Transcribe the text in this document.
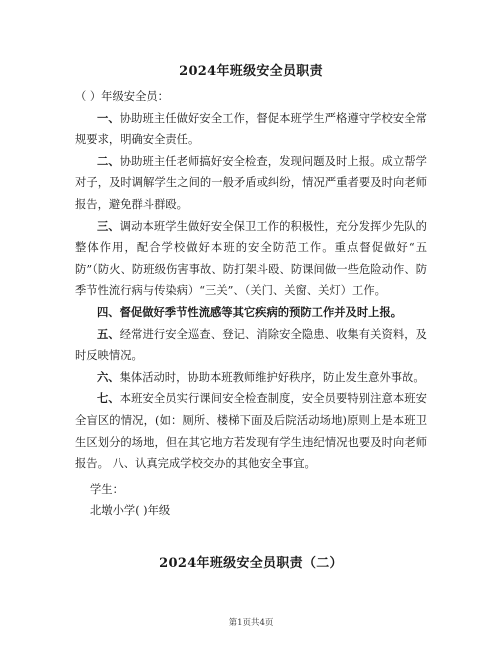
2024年班级安全员职责

（ ）年级安全员：

一、协助班主任做好安全工作，督促本班学生严格遵守学校安全常规要求，明确安全责任。

二、协助班主任老师搞好安全检查，发现问题及时上报。成立帮学对子，及时调解学生之间的一般矛盾或纠纷，情况严重者要及时向老师报告，避免群斗群殴。

三、调动本班学生做好安全保卫工作的积极性，充分发挥少先队的整体作用，配合学校做好本班的安全防范工作。重点督促做好“五防”（防火、防班级伤害事故、防打架斗殴、防课间做一些危险动作、防季节性流行病与传染病）“三关”、（关门、关窗、关灯）工作。

四、督促做好季节性流感等其它疾病的预防工作并及时上报。

五、经常进行安全巡查、登记、消除安全隐患、收集有关资料，及时反映情况。

六、集体活动时，协助本班教师维护好秩序，防止发生意外事故。

七、本班安全员实行课间安全检查制度，安全员要特别注意本班安全盲区的情况，(如：厕所、楼梯下面及后院活动场地)原则上是本班卫生区划分的场地，但在其它地方若发现有学生违纪情况也要及时向老师报告。 八、认真完成学校交办的其他安全事宜。

学生：

北墩小学( )年级

2024年班级安全员职责（二）
第1页共4页
